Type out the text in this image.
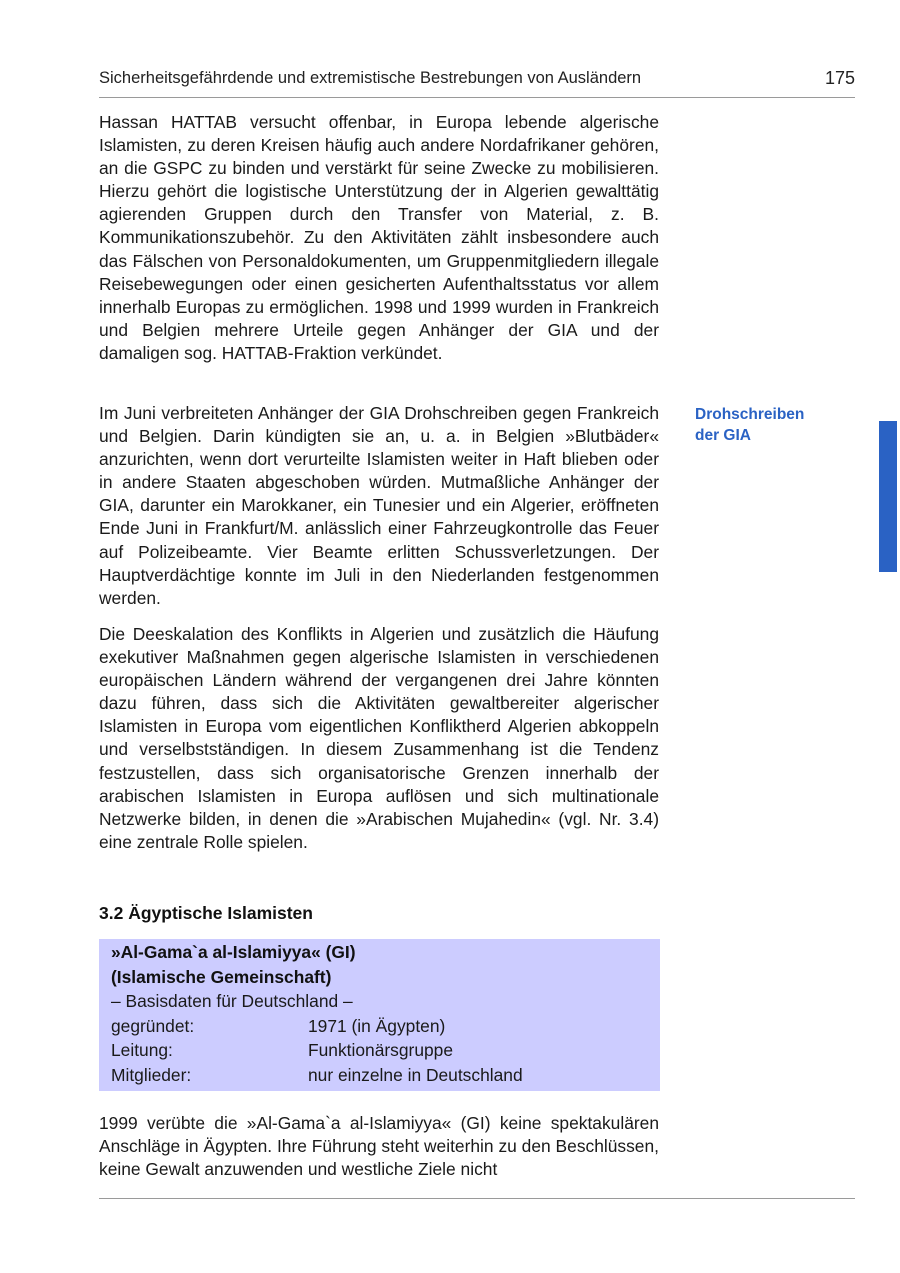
Sicherheitsgefährdende und extremistische Bestrebungen von Ausländern	175

Hassan HATTAB versucht offenbar, in Europa lebende algerische Islamisten, zu deren Kreisen häufig auch andere Nordafrikaner gehören, an die GSPC zu binden und verstärkt für seine Zwecke zu mobilisieren. Hierzu gehört die logistische Unterstützung der in Algerien gewalttätig agierenden Gruppen durch den Transfer von Material, z. B. Kommunikationszubehör. Zu den Aktivitäten zählt insbesondere auch das Fälschen von Personaldokumenten, um Gruppenmitgliedern illegale Reisebewegungen oder einen gesicherten Aufenthaltsstatus vor allem innerhalb Europas zu ermöglichen. 1998 und 1999 wurden in Frankreich und Belgien mehrere Urteile gegen Anhänger der GIA und der damaligen sog. HATTAB-Fraktion verkündet.

Im Juni verbreiteten Anhänger der GIA Drohschreiben gegen Frankreich und Belgien. Darin kündigten sie an, u. a. in Belgien »Blutbäder« anzurichten, wenn dort verurteilte Islamisten weiter in Haft blieben oder in andere Staaten abgeschoben würden. Mutmaßliche Anhänger der GIA, darunter ein Marokkaner, ein Tunesier und ein Algerier, eröffneten Ende Juni in Frankfurt/M. anlässlich einer Fahrzeugkontrolle das Feuer auf Polizeibeamte. Vier Beamte erlitten Schussverletzungen. Der Hauptverdächtige konnte im Juli in den Niederlanden festgenommen werden.

Die Deeskalation des Konflikts in Algerien und zusätzlich die Häufung exekutiver Maßnahmen gegen algerische Islamisten in verschiedenen europäischen Ländern während der vergangenen drei Jahre könnten dazu führen, dass sich die Aktivitäten gewaltbereiter algerischer Islamisten in Europa vom eigentlichen Konfliktherd Algerien abkoppeln und verselbstständigen. In diesem Zusammenhang ist die Tendenz festzustellen, dass sich organisatorische Grenzen innerhalb der arabischen Islamisten in Europa auflösen und sich multinationale Netzwerke bilden, in denen die »Arabischen Mujahedin« (vgl. Nr. 3.4) eine zentrale Rolle spielen.

Drohschreiben
der GIA
3.2 Ägyptische Islamisten
»Al-Gama`a al-Islamiyya« (GI)
(Islamische Gemeinschaft)
– Basisdaten für Deutschland –
gegründet:	1971 (in Ägypten)
Leitung:	Funktionärsgruppe
Mitglieder:	nur einzelne in Deutschland

1999 verübte die »Al-Gama`a al-Islamiyya« (GI) keine spektakulären Anschläge in Ägypten. Ihre Führung steht weiterhin zu den Beschlüssen, keine Gewalt anzuwenden und westliche Ziele nicht
